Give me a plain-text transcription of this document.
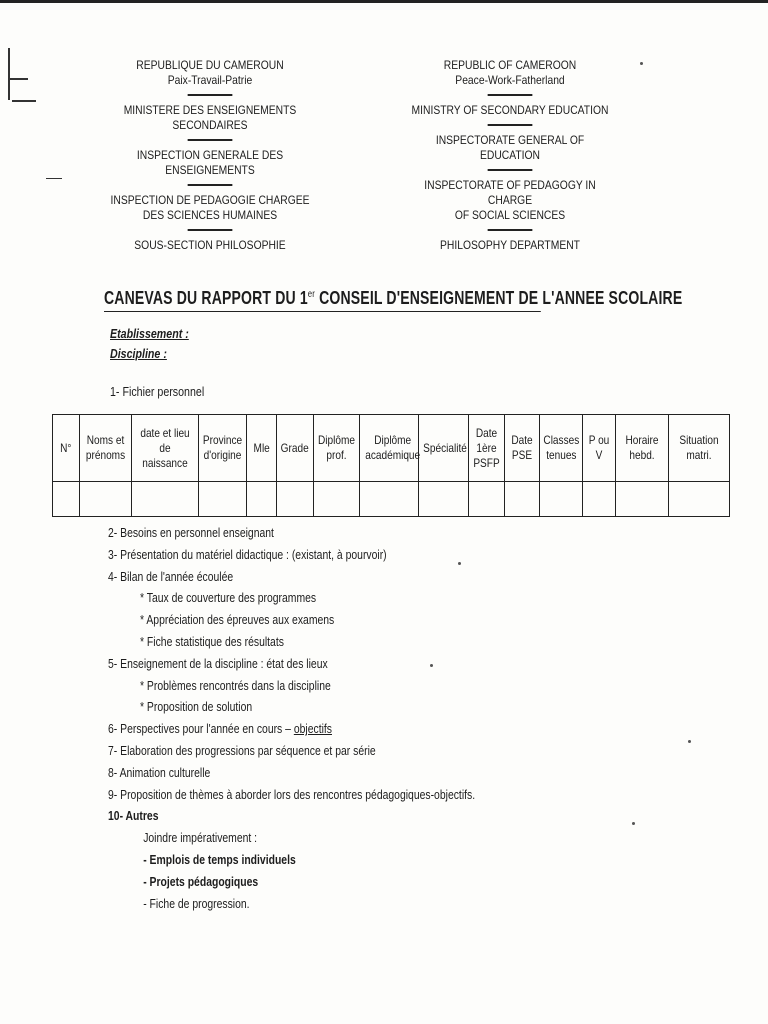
REPUBLIQUE DU CAMEROUN
Paix-Travail-Patrie
MINISTERE DES ENSEIGNEMENTS SECONDAIRES
INSPECTION GENERALE DES ENSEIGNEMENTS
INSPECTION DE PEDAGOGIE CHARGEE
DES SCIENCES HUMAINES
SOUS-SECTION PHILOSOPHIE
REPUBLIC OF CAMEROON
Peace-Work-Fatherland
MINISTRY OF SECONDARY EDUCATION
INSPECTORATE GENERAL OF EDUCATION
INSPECTORATE OF PEDAGOGY IN CHARGE
OF SOCIAL SCIENCES
PHILOSOPHY DEPARTMENT
CANEVAS DU RAPPORT DU 1er CONSEIL D'ENSEIGNEMENT DE L'ANNEE SCOLAIRE
Etablissement :
Discipline :
1- Fichier personnel
N°	Noms et prénoms	date et lieu de naissance	Province d'origine	Mle	Grade	Diplôme prof.	Diplôme académique	Spécialité	Date 1ère PSFP	Date PSE	Classes tenues	P ou V	Horaire hebd.	Situation matri.

2- Besoins en personnel enseignant
3- Présentation du matériel didactique : (existant, à pourvoir)
4- Bilan de l'année écoulée
* Taux de couverture des programmes
* Appréciation des épreuves aux examens
* Fiche statistique des résultats
5- Enseignement de la discipline : état des lieux
* Problèmes rencontrés dans la discipline
* Proposition de solution
6- Perspectives pour l'année en cours – objectifs
7- Elaboration des progressions par séquence et par série
8- Animation culturelle
9- Proposition de thèmes à aborder lors des rencontres pédagogiques-objectifs.
10- Autres
Joindre impérativement :
- Emplois de temps individuels
- Projets pédagogiques
- Fiche de progression.
